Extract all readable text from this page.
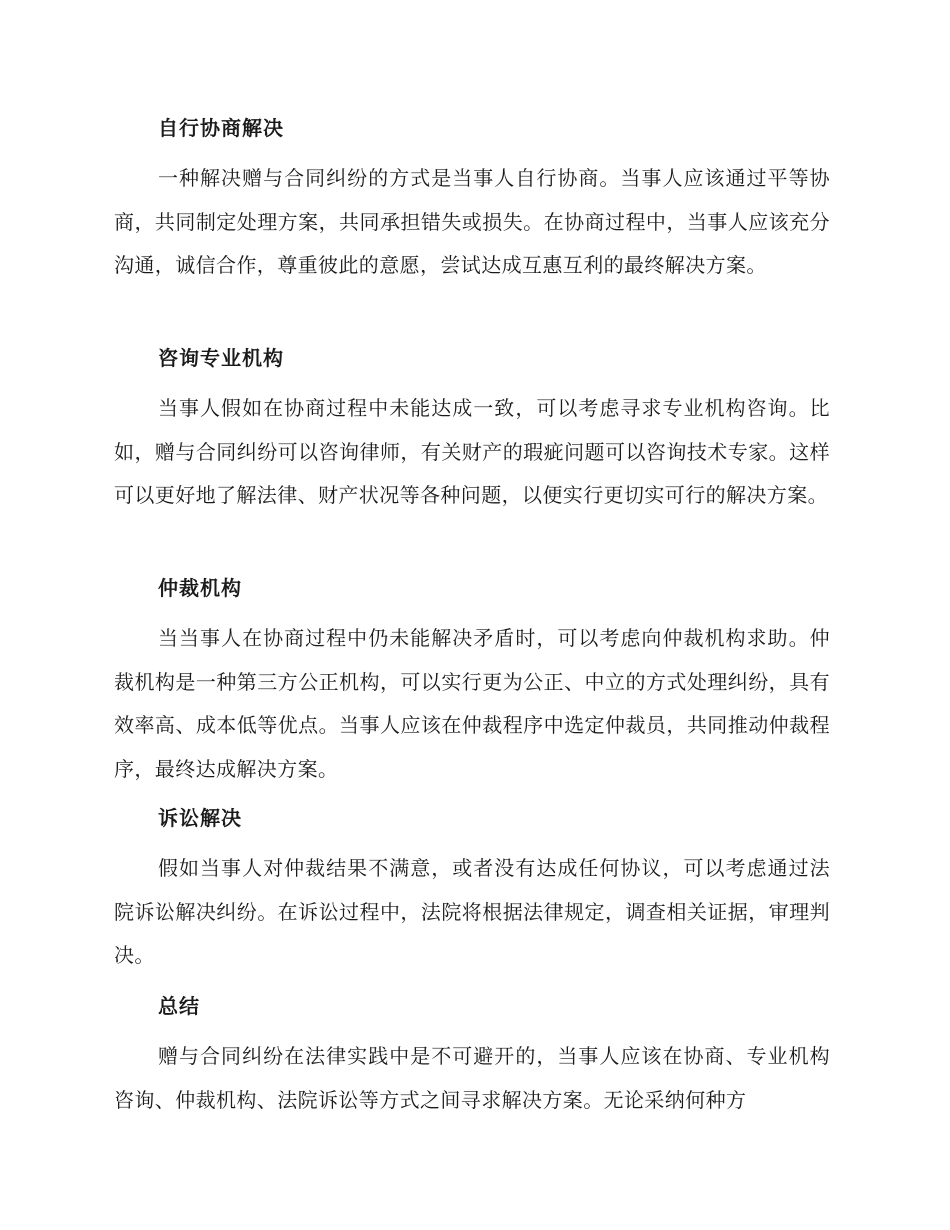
自行协商解决
一种解决赠与合同纠纷的方式是当事人自行协商。当事人应该通过平等协商，共同制定处理方案，共同承担错失或损失。在协商过程中，当事人应该充分沟通，诚信合作，尊重彼此的意愿，尝试达成互惠互利的最终解决方案。
咨询专业机构
当事人假如在协商过程中未能达成一致，可以考虑寻求专业机构咨询。比如，赠与合同纠纷可以咨询律师，有关财产的瑕疵问题可以咨询技术专家。这样可以更好地了解法律、财产状况等各种问题，以便实行更切实可行的解决方案。
仲裁机构
当当事人在协商过程中仍未能解决矛盾时，可以考虑向仲裁机构求助。仲裁机构是一种第三方公正机构，可以实行更为公正、中立的方式处理纠纷，具有效率高、成本低等优点。当事人应该在仲裁程序中选定仲裁员，共同推动仲裁程序，最终达成解决方案。
诉讼解决
假如当事人对仲裁结果不满意，或者没有达成任何协议，可以考虑通过法院诉讼解决纠纷。在诉讼过程中，法院将根据法律规定，调查相关证据，审理判决。
总结
赠与合同纠纷在法律实践中是不可避开的，当事人应该在协商、专业机构咨询、仲裁机构、法院诉讼等方式之间寻求解决方案。无论采纳何种方
